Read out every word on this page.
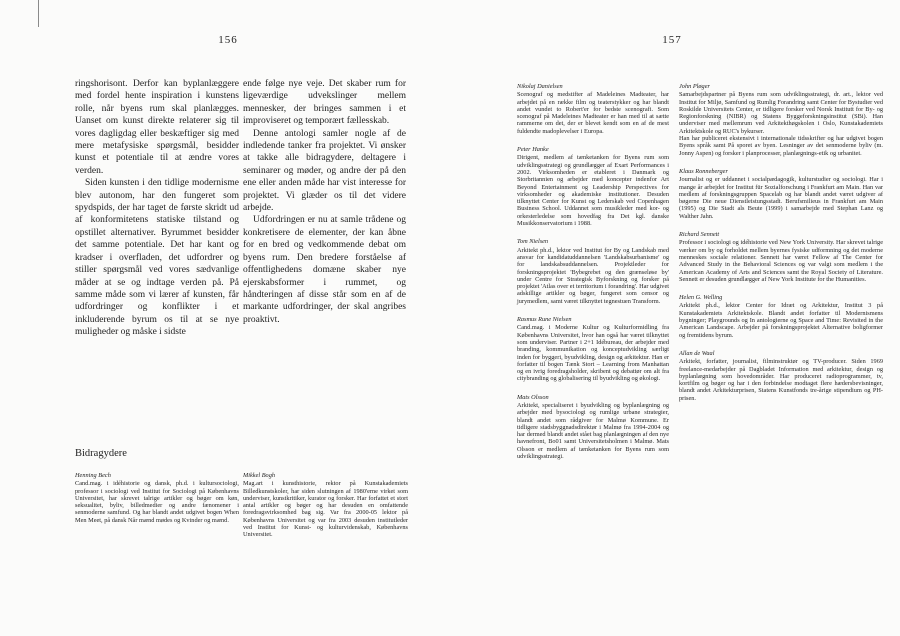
156	157

ringshorisont. Derfor kan byplanlæggere med fordel hente inspiration i kunstens rolle, når byens rum skal planlægges. Uanset om kunst direkte relaterer sig til vores dagligdag eller beskæftiger sig med mere metafysiske spørgsmål, besidder kunst et potentiale til at ændre vores verden.

Siden kunsten i den tidlige modernisme blev autonom, har den fungeret som spydspids, der har taget de første skridt ud af konformitetens statiske tilstand og opstillet alternativer. Byrummet besidder det samme potentiale. Det har kant og kradser i overfladen, det udfordrer og stiller spørgsmål ved vores sædvanlige måder at se og indtage verden på. På samme måde som vi lærer af kunsten, får udfordringer og konflikter i et inkluderende byrum os til at se nye muligheder og måske i sidste

ende følge nye veje. Det skaber rum for ligeværdige udvekslinger mellem mennesker, der bringes sammen i et improviseret og temporært fællesskab.

Denne antologi samler nogle af de indledende tanker fra projektet. Vi ønsker at takke alle bidragydere, deltagere i seminarer og møder, og andre der på den ene eller anden måde har vist interesse for projektet. Vi glæder os til det videre arbejde.

Udfordringen er nu at samle trådene og konkretisere de elementer, der kan åbne for en bred og vedkommende debat om byens rum. Den bredere forståelse af offentlighedens domæne skaber nye ejerskabsformer i rummet, og håndteringen af disse står som en af de markante udfordringer, der skal angribes proaktivt.

Bidragydere
Henning Bech

Cand.mag. i idéhistorie og dansk, ph.d. i kultursociologi, professor i sociologi ved Institut for Sociologi på Københavns Universitet, har skrevet talrige artikler og bøger om køn, seksualitet, byliv, billedmedier og andre fænomener i senmoderne samfund. Og har blandt andet udgivet bogen When Men Meet, på dansk Når mænd mødes og Kvinder og mænd.

Mikkel Bogh

Mag.art i kunsthistorie, rektor på Kunstakademiets Billedkunstskoler, har siden slutningen af 1980'erne virket som underviser, kunstkritiker, kurator og forsker. Har forfattet et stort antal artikler og bøger og har desuden en omfattende foredragsvirksomhed bag sig. Var fra 2000-05 lektor på Københavns Universitet og var fra 2003 desuden institutleder ved Institut for Kunst- og kulturvidenskab, Københavns Universitet.

Nikolaj Danielsen

Scenograf og medstifter af Madeleines Madteater, har arbejdet på en række film og teaterstykker og har blandt andet vundet to Robert'er for bedste scenografi. Som scenograf på Madeleines Madteater er han med til at sætte rammerne om det, der er blevet kendt som en af de mest fuldendte madoplevelser i Europa.

Peter Hanke

Dirigent, medlem af tænketanken for Byens rum som udviklingsstrategi og grundlægger af Exart Performances i 2002. Virksomheden er etableret i Danmark og Storbritannien og arbejder med koncepter indenfor Art Beyond Entertainment og Leadership Perspectives for virksomheder og akademiske institutioner. Desuden tilknyttet Center for Kunst og Lederskab ved Copenhagen Business School. Uddannet som musikleder med kor- og orkesterledelse som hovedfag fra Det kgl. danske Musikkonservatorium i 1988.

Tom Nielsen

Arkitekt ph.d., lektor ved Institut for By og Landskab med ansvar for kandidatuddannelsen 'Landskabsurbanisme' og for landskabsuddannelsen. Projektleder for forskningsprojektet 'Bybegrebet og den grænseløse by' under Centre for Strategisk Byforskning og forsker på projektet 'Atlas over et territorium i forandring'. Har udgivet adskillige artikler og bøger, fungeret som censor og jurymedlem, samt været tilknyttet tegnestuen Transform.

Rasmus Rune Nielsen

Cand.mag. i Moderne Kultur og Kulturformidling fra Københavns Universitet, hvor han også har været tilknyttet som underviser. Partner i 2+1 Idébureau, der arbejder med branding, kommunikation og konceptudvikling særligt inden for byggeri, byudvikling, design og arkitektur. Han er forfatter til bogen Tænk Stort – Learning from Manhattan og en ivrig foredragsholder, skribent og debattør om alt fra citybranding og globalisering til byudvikling og økologi.

Mats Olsson

Arkitekt, specialiseret i byudvikling og byplanlægning og arbejder med bysociologi og rumlige urbane strategier, blandt andet som rådgiver for Malmø Kommune. Er tidligere stadsbyggnadsdirektør i Malmø fra 1994-2004 og har dermed blandt andet stået bag planlægningen af den nye havnefront, Bo01 samt Universitetsholmen i Malmø. Mats Olsson er medlem af tænketanken for Byens rum som udviklingsstrategi.

John Pløger

Samarbejdspartner på Byens rum som udviklingsstrategi, dr. art., lektor ved Institut for Miljø, Samfund og Rumlig Forandring samt Center for Bystudier ved Roskilde Universitets Center, er tidligere forsker ved Norsk Institutt for By- og Regionforskning (NIBR) og Statens Byggeforskningsinstitut (SBi). Han underviser med mellemrum ved Arkitekthøgskolen i Oslo, Kunstakademiets Arkitektskole og RUC's bykurser.

Han har publiceret ekstensivt i internationale tidsskrifter og har udgivet bogen Byens språk samt På sporet av byen. Lesninger av det senmoderne byliv (m. Jonny Aspen) og forsker i planprocesser, planlægnings-etik og urbanitet.

Klaus Ronneberger

Journalist og er uddannet i socialpædagogik, kulturstudier og sociologi. Har i mange år arbejdet for Institut für Sozialforschung i Frankfurt am Main. Han var medlem af forskningsgruppen Spacelab og har blandt andet været udgiver af bøgerne Die neue Dienstleistungsstadt. Berufsmilieus in Frankfurt am Main (1995) og Die Stadt als Beute (1999) i samarbejde med Stephan Lanz og Walther Jahn.

Richard Sennett

Professor i sociologi og idéhistorie ved New York University. Har skrevet talrige værker om by og forholdet mellem byernes fysiske udformning og det moderne menneskes sociale relationer. Sennett har været Fellow af The Center for Advanced Study in the Behavioral Sciences og var valgt som medlem i the American Academy of Arts and Sciences samt the Royal Society of Literature. Sennett er desuden grundlægger af New York Institute for the Humanities.

Helen G. Welling

Arkitekt ph.d., lektor Center for Idræt og Arkitektur, Institut 3 på Kunstakademiets Arkitektskole. Blandt andet forfatter til Modernismens bygninger; Playgrounds og In antologierne og Space and Time: Revisited in the American Landscape. Arbejder på forskningsprojektet Alternative boligformer og fremtidens byrum.

Allan de Waal

Arkitekt, forfatter, journalist, filminstruktør og TV-producer. Siden 1969 freelance-medarbejder på Dagbladet Information med arkitektur, design og byplanlægning som hovedområder. Har produceret radioprogrammer, tv, kortfilm og bøger og har i den forbindelse modtaget flere hædersbevisninger, blandt andet Arkitekturprisen, Statens Kunstfonds tre-årige stipendium og PH-prisen.
